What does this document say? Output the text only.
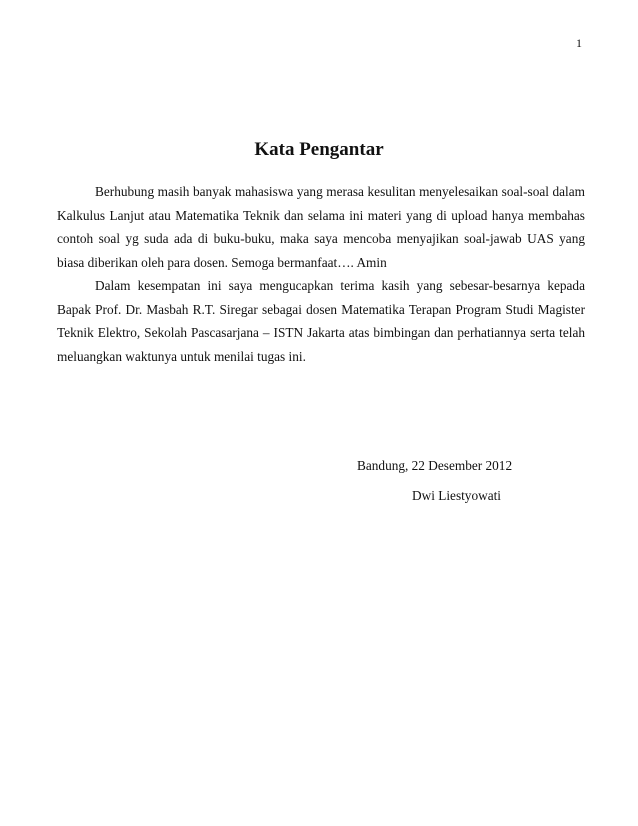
1
Kata Pengantar

Berhubung masih banyak mahasiswa yang merasa kesulitan menyelesaikan soal-soal dalam Kalkulus Lanjut atau Matematika Teknik dan selama ini materi yang di upload hanya membahas contoh soal yg suda ada di buku-buku, maka saya mencoba menyajikan soal-jawab UAS yang biasa diberikan oleh para dosen. Semoga bermanfaat…. Amin

Dalam kesempatan ini saya mengucapkan terima kasih yang sebesar-besarnya kepada Bapak Prof. Dr. Masbah R.T. Siregar sebagai dosen Matematika Terapan Program Studi Magister Teknik Elektro, Sekolah Pascasarjana – ISTN Jakarta atas bimbingan dan perhatiannya serta telah meluangkan waktunya untuk menilai tugas ini.

Bandung, 22 Desember 2012
Dwi Liestyowati
